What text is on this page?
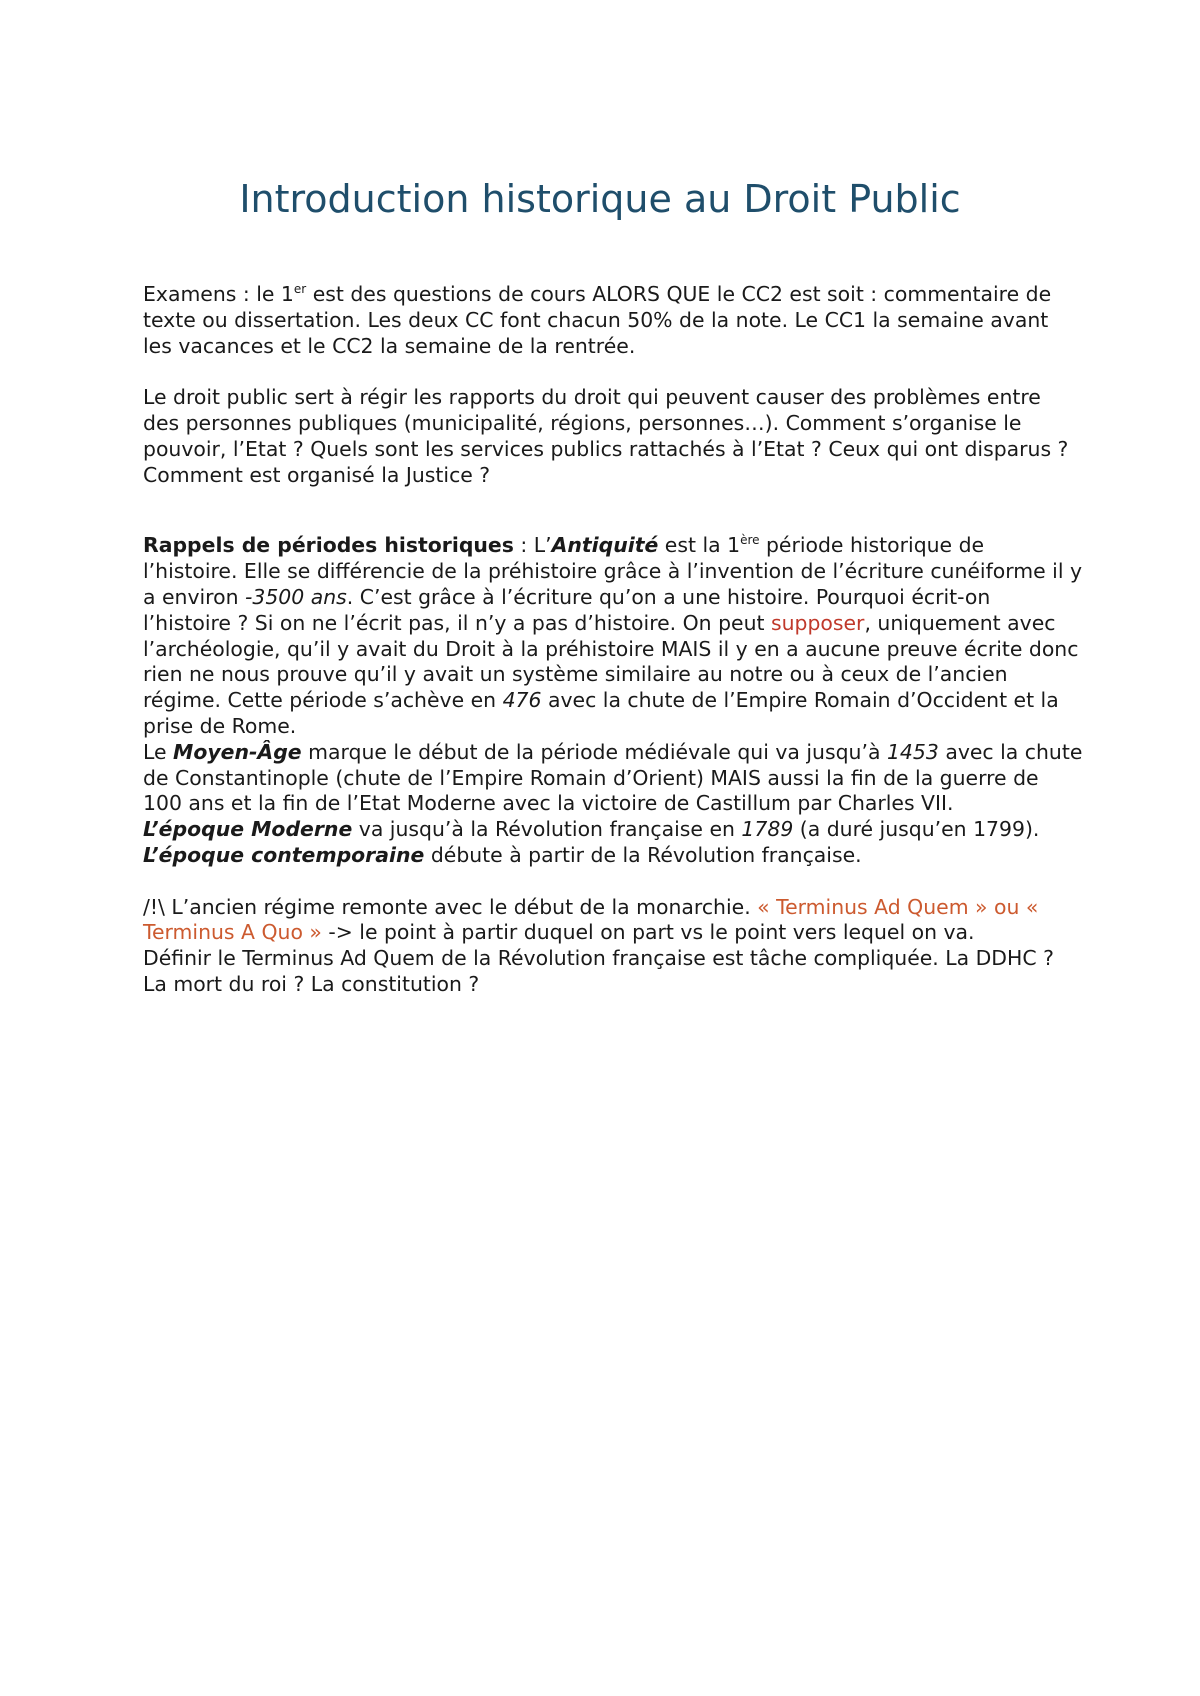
Introduction historique au Droit Public

Examens : le 1er est des questions de cours ALORS QUE le CC2 est soit : commentaire de texte ou dissertation. Les deux CC font chacun 50% de la note. Le CC1 la semaine avant les vacances et le CC2 la semaine de la rentrée.

Le droit public sert à régir les rapports du droit qui peuvent causer des problèmes entre des personnes publiques (municipalité, régions, personnes…). Comment s’organise le pouvoir, l’Etat ? Quels sont les services publics rattachés à l’Etat ? Ceux qui ont disparus ? Comment est organisé la Justice ?

Rappels de périodes historiques : L’Antiquité est la 1ère période historique de l’histoire. Elle se différencie de la préhistoire grâce à l’invention de l’écriture cunéiforme il y a environ -3500 ans. C’est grâce à l’écriture qu’on a une histoire. Pourquoi écrit-on l’histoire ? Si on ne l’écrit pas, il n’y a pas d’histoire. On peut supposer, uniquement avec l’archéologie, qu’il y avait du Droit à la préhistoire MAIS il y en a aucune preuve écrite donc rien ne nous prouve qu’il y avait un système similaire au notre ou à ceux de l’ancien régime. Cette période s’achève en 476 avec la chute de l’Empire Romain d’Occident et la prise de Rome.

Le Moyen-Âge marque le début de la période médiévale qui va jusqu’à 1453 avec la chute de Constantinople (chute de l’Empire Romain d’Orient) MAIS aussi la fin de la guerre de 100 ans et la fin de l’Etat Moderne avec la victoire de Castillum par Charles VII.

L’époque Moderne va jusqu’à la Révolution française en 1789 (a duré jusqu’en 1799).

L’époque contemporaine débute à partir de la Révolution française.

/!\ L’ancien régime remonte avec le début de la monarchie. « Terminus Ad Quem » ou « Terminus A Quo » -> le point à partir duquel on part vs le point vers lequel on va.

Définir le Terminus Ad Quem de la Révolution française est tâche compliquée. La DDHC ? La mort du roi ? La constitution ?
